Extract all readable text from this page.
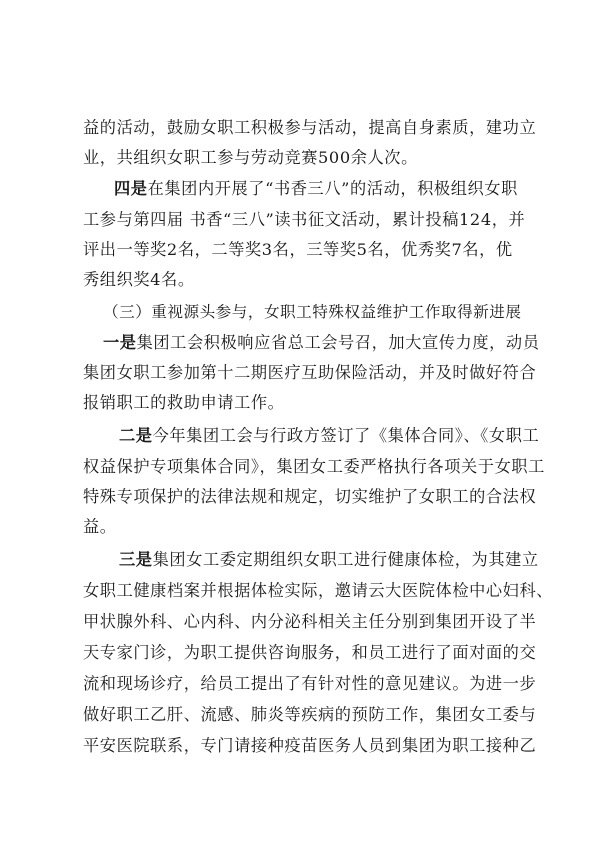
益的活动，鼓励女职工积极参与活动，提高自身素质，建功立
业，共组织女职工参与劳动竞赛500余人次。
四是在集团内开展了“书香三八”的活动，积极组织女职
工参与第四届 书香“三八”读书征文活动，累计投稿124，并
评出一等奖2名，二等奖3名，三等奖5名，优秀奖7名，优
秀组织奖4名。
（三）重视源头参与，女职工特殊权益维护工作取得新进展
一是集团工会积极响应省总工会号召，加大宣传力度，动员
集团女职工参加第十二期医疗互助保险活动，并及时做好符合
报销职工的救助申请工作。
二是今年集团工会与行政方签订了《集体合同》、《女职工
权益保护专项集体合同》，集团女工委严格执行各项关于女职工
特殊专项保护的法律法规和规定，切实维护了女职工的合法权
益。
三是集团女工委定期组织女职工进行健康体检，为其建立
女职工健康档案并根据体检实际，邀请云大医院体检中心妇科、
甲状腺外科、心内科、内分泌科相关主任分别到集团开设了半
天专家门诊，为职工提供咨询服务，和员工进行了面对面的交
流和现场诊疗，给员工提出了有针对性的意见建议。为进一步
做好职工乙肝、流感、肺炎等疾病的预防工作，集团女工委与
平安医院联系，专门请接种疫苗医务人员到集团为职工接种乙
